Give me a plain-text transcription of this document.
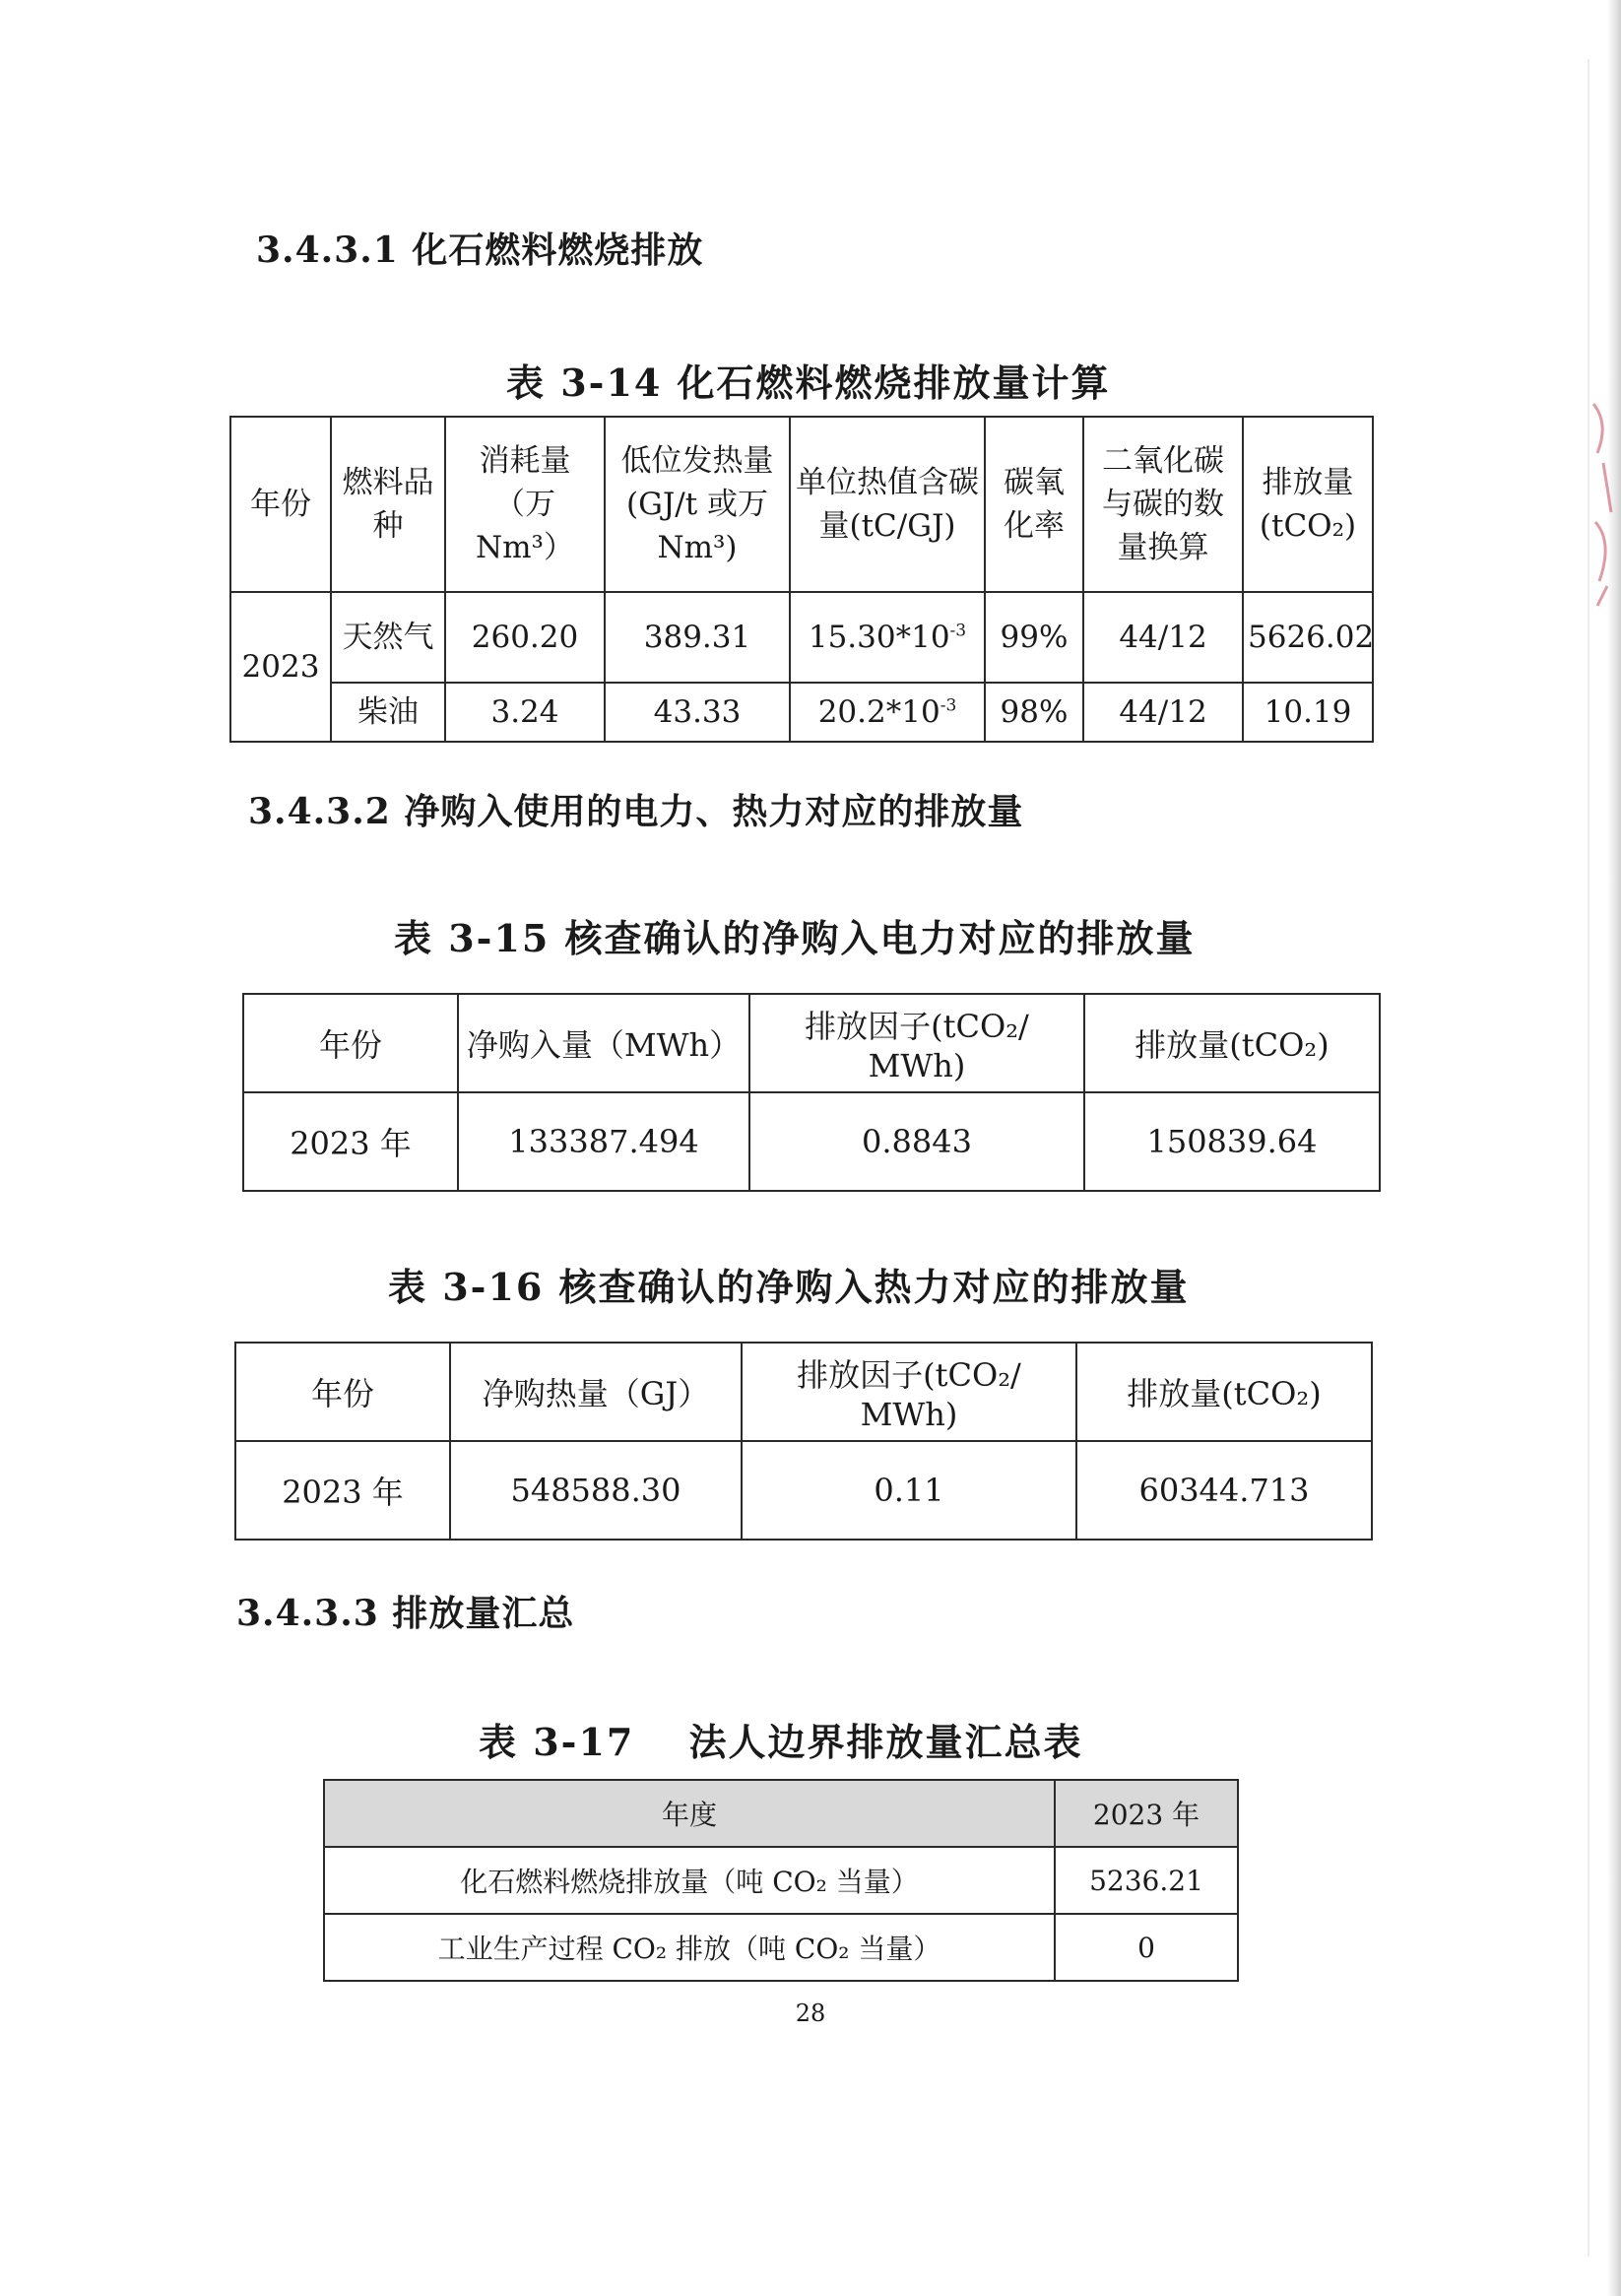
3.4.3.1 化石燃料燃烧排放
表 3-14 化石燃料燃烧排放量计算
年份	燃料品种	消耗量（万 Nm³）	低位发热量(GJ/t 或万 Nm³)	单位热值含碳量(tC/GJ)	碳氧化率	二氧化碳与碳的数量换算	排放量(tCO₂)
2023	天然气	260.20	389.31	$15.30*10^{-3}$	99%	44/12	5626.02
	柴油	3.24	43.33	$20.2*10^{-3}$	98%	44/12	10.19
3.4.3.2 净购入使用的电力、热力对应的排放量
表 3-15 核查确认的净购入电力对应的排放量
年份	净购入量（MWh）	排放因子(tCO₂/ MWh)	排放量(tCO₂)
2023 年	133387.494	0.8843	150839.64
表 3-16 核查确认的净购入热力对应的排放量
年份	净购热量（GJ）	排放因子(tCO₂/ MWh)	排放量(tCO₂)
2023 年	548588.30	0.11	60344.713
3.4.3.3 排放量汇总
表 3-17　 法人边界排放量汇总表
年度	2023 年
化石燃料燃烧排放量（吨 CO₂ 当量）	5236.21
工业生产过程 CO₂ 排放（吨 CO₂ 当量）	0
28
